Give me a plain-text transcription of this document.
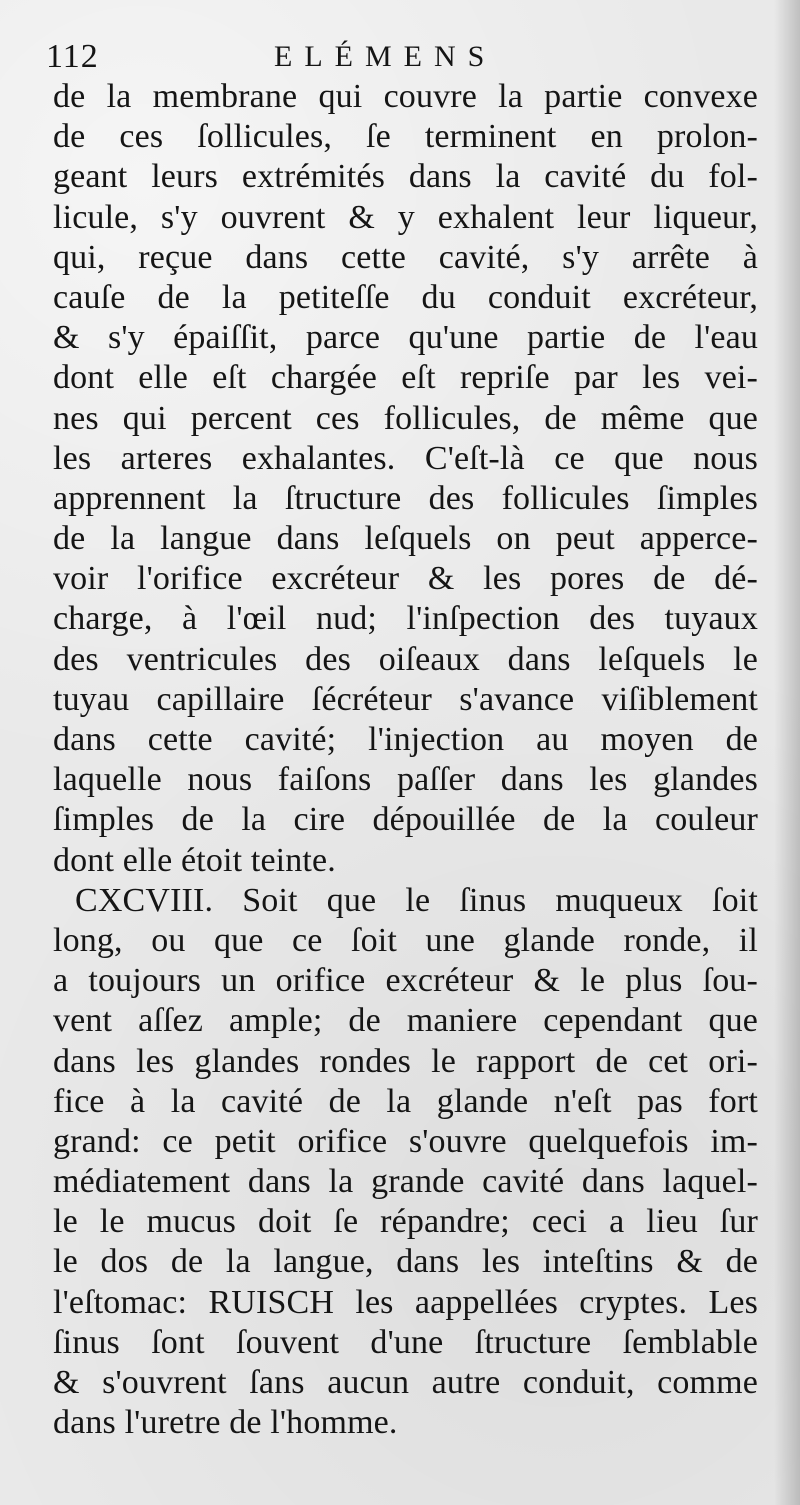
112	ELÉMENS
de la membrane qui couvre la partie convexe
de ces ſollicules, ſe terminent en prolon-
geant leurs extrémités dans la cavité du fol-
licule, s'y ouvrent & y exhalent leur liqueur,
qui, reçue dans cette cavité, s'y arrête à
cauſe de la petiteſſe du conduit excréteur,
& s'y épaiſſit, parce qu'une partie de l'eau
dont elle eſt chargée eſt repriſe par les vei-
nes qui percent ces follicules, de même que
les arteres exhalantes. C'eſt-là ce que nous
apprennent la ſtructure des follicules ſimples
de la langue dans leſquels on peut apperce-
voir l'orifice excréteur & les pores de dé-
charge, à l'œil nud; l'inſpection des tuyaux
des ventricules des oiſeaux dans leſquels le
tuyau capillaire ſécréteur s'avance viſiblement
dans cette cavité; l'injection au moyen de
laquelle nous faiſons paſſer dans les glandes
ſimples de la cire dépouillée de la couleur
dont elle étoit teinte.
CXCVIII. Soit que le ſinus muqueux ſoit
long, ou que ce ſoit une glande ronde, il
a toujours un orifice excréteur & le plus ſou-
vent aſſez ample; de maniere cependant que
dans les glandes rondes le rapport de cet ori-
fice à la cavité de la glande n'eſt pas fort
grand: ce petit orifice s'ouvre quelquefois im-
médiatement dans la grande cavité dans laquel-
le le mucus doit ſe répandre; ceci a lieu ſur
le dos de la langue, dans les inteſtins & de
l'eſtomac: RUISCH les aappellées cryptes. Les
ſinus ſont ſouvent d'une ſtructure ſemblable
& s'ouvrent ſans aucun autre conduit, comme
dans l'uretre de l'homme.
